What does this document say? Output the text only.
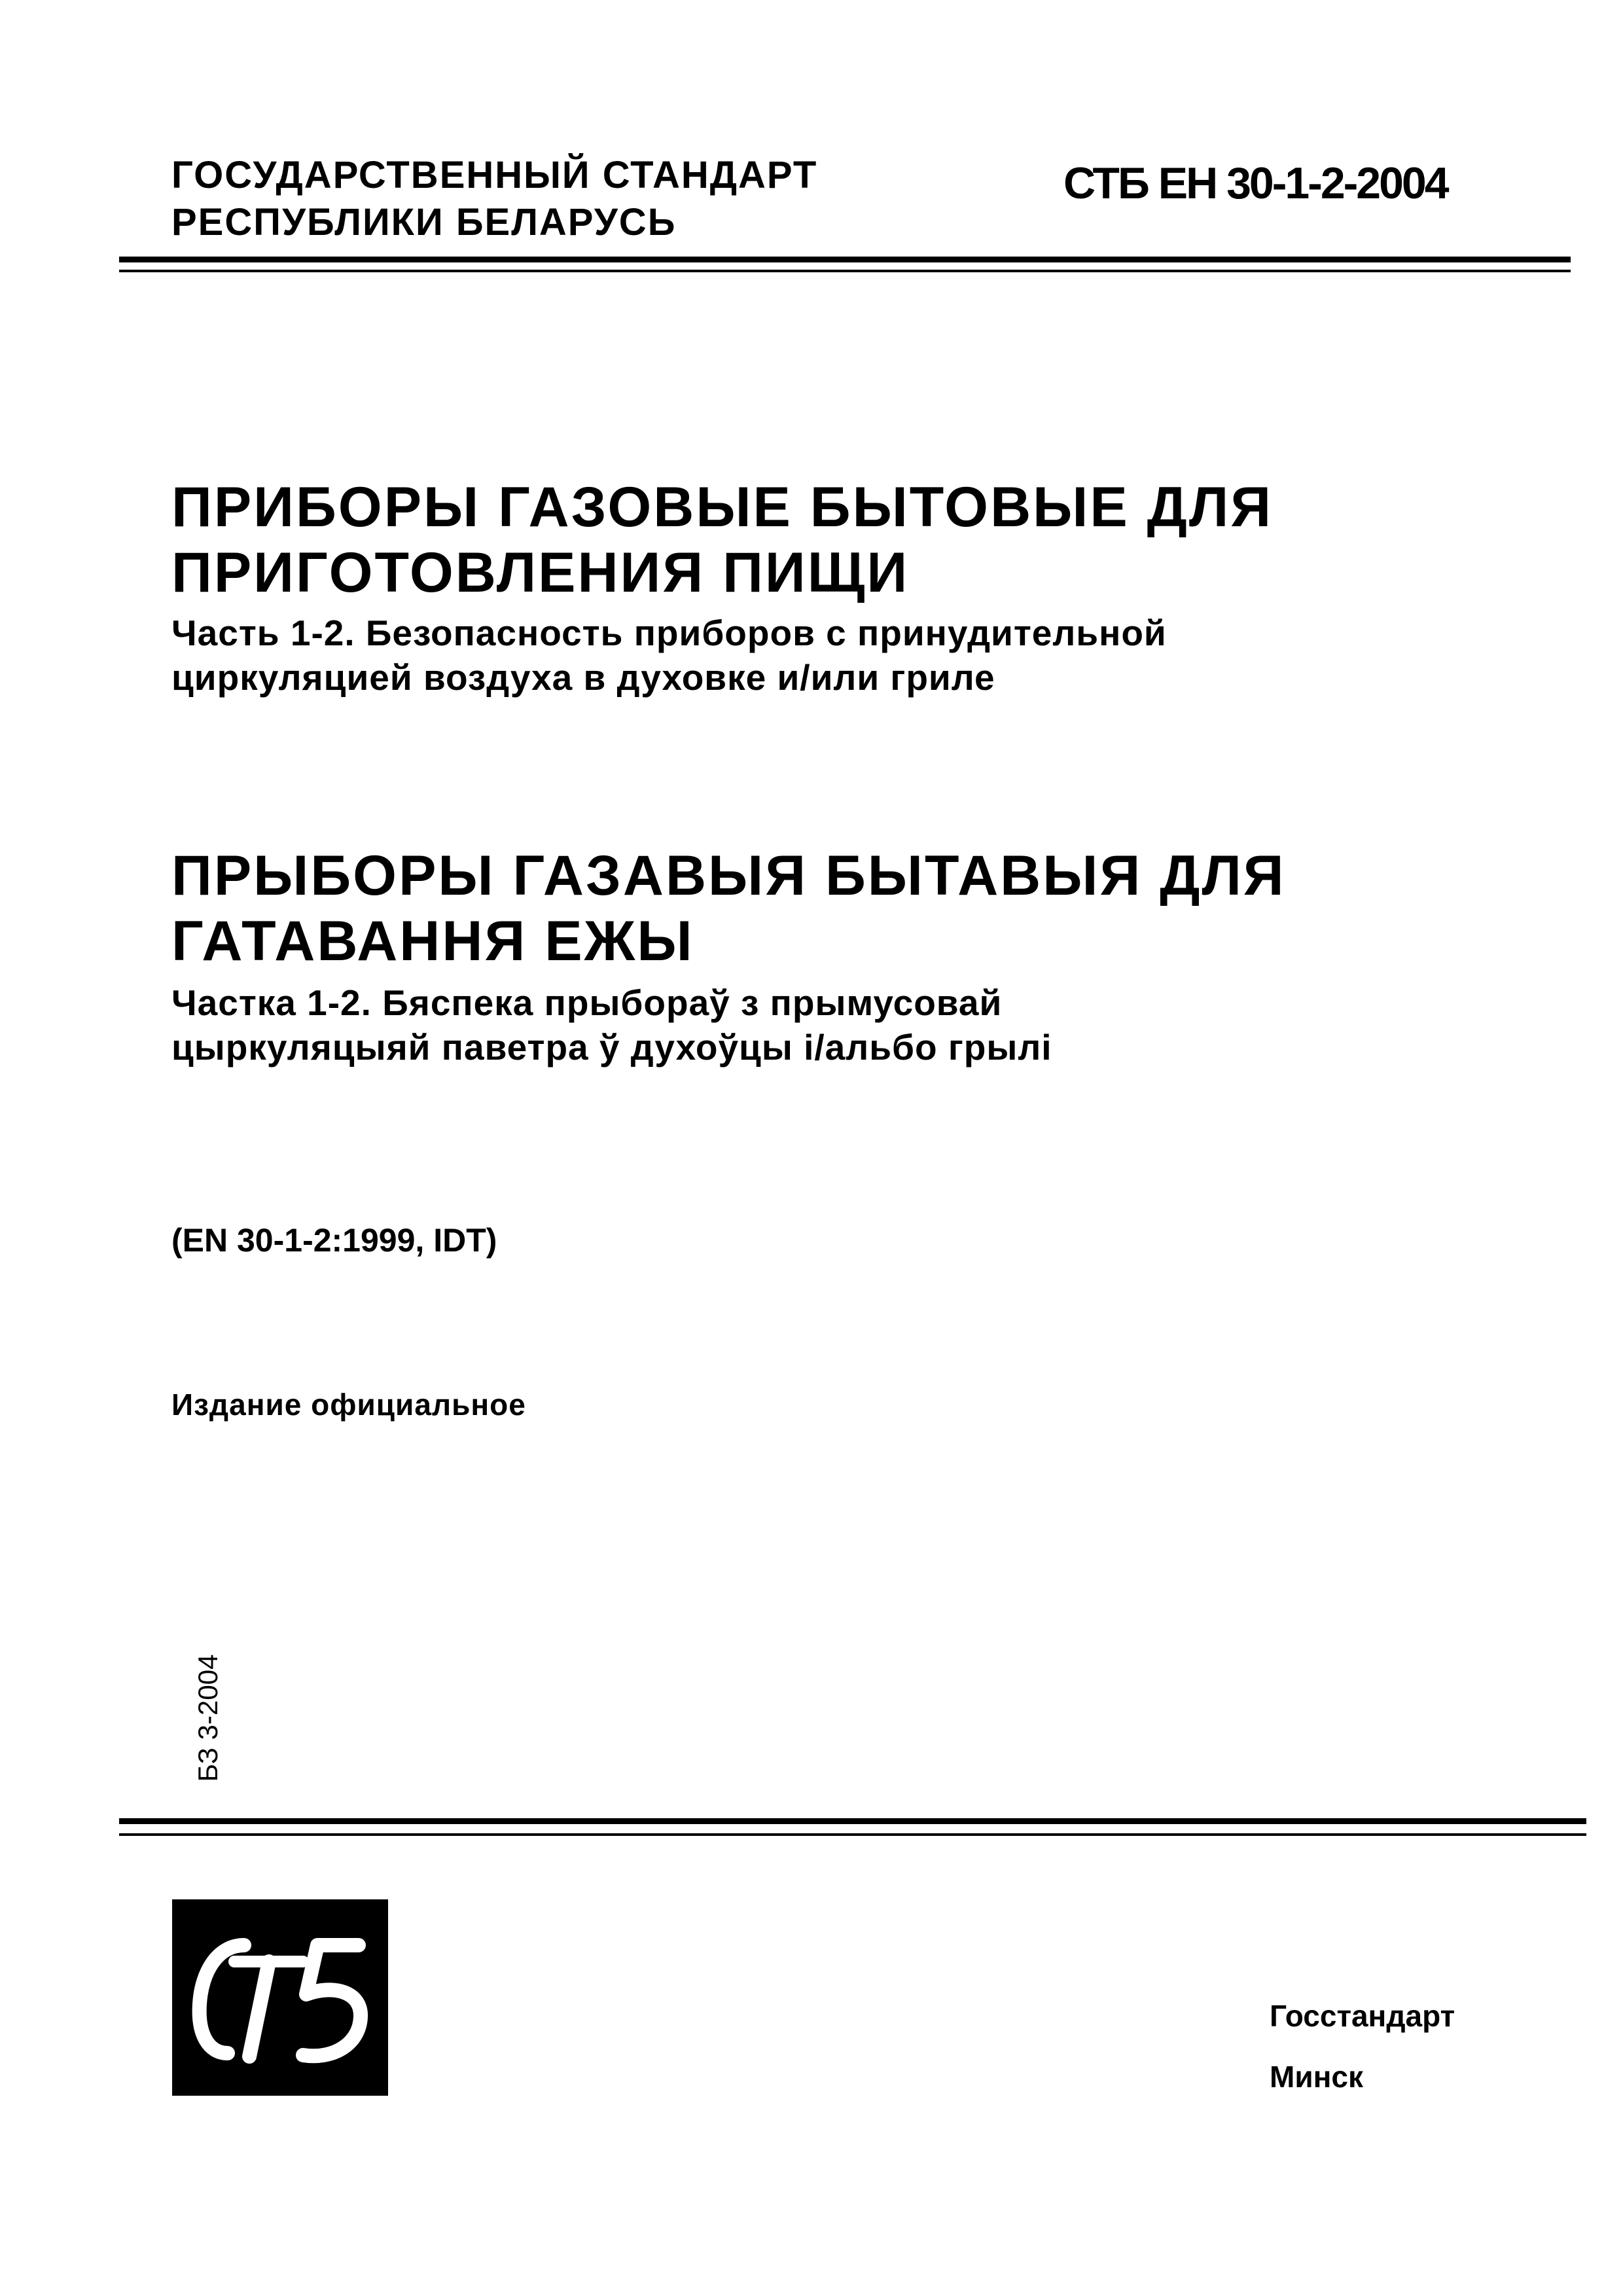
ГОСУДАРСТВЕННЫЙ СТАНДАРТ
РЕСПУБЛИКИ БЕЛАРУСЬ
СТБ ЕН 30-1-2-2004
ПРИБОРЫ ГАЗОВЫЕ БЫТОВЫЕ ДЛЯ
ПРИГОТОВЛЕНИЯ ПИЩИ
Часть 1-2. Безопасность приборов с принудительной
циркуляцией воздуха в духовке и/или гриле
ПРЫБОРЫ ГАЗАВЫЯ БЫТАВЫЯ ДЛЯ
ГАТАВАННЯ ЕЖЫ
Частка 1-2. Бяспека прыбораў з прымусовай
цыркуляцыяй паветра ў духоўцы і/альбо грылі
(EN 30-1-2:1999, IDT)
Издание официальное
БЗ 3-2004
Госстандарт
Минск
